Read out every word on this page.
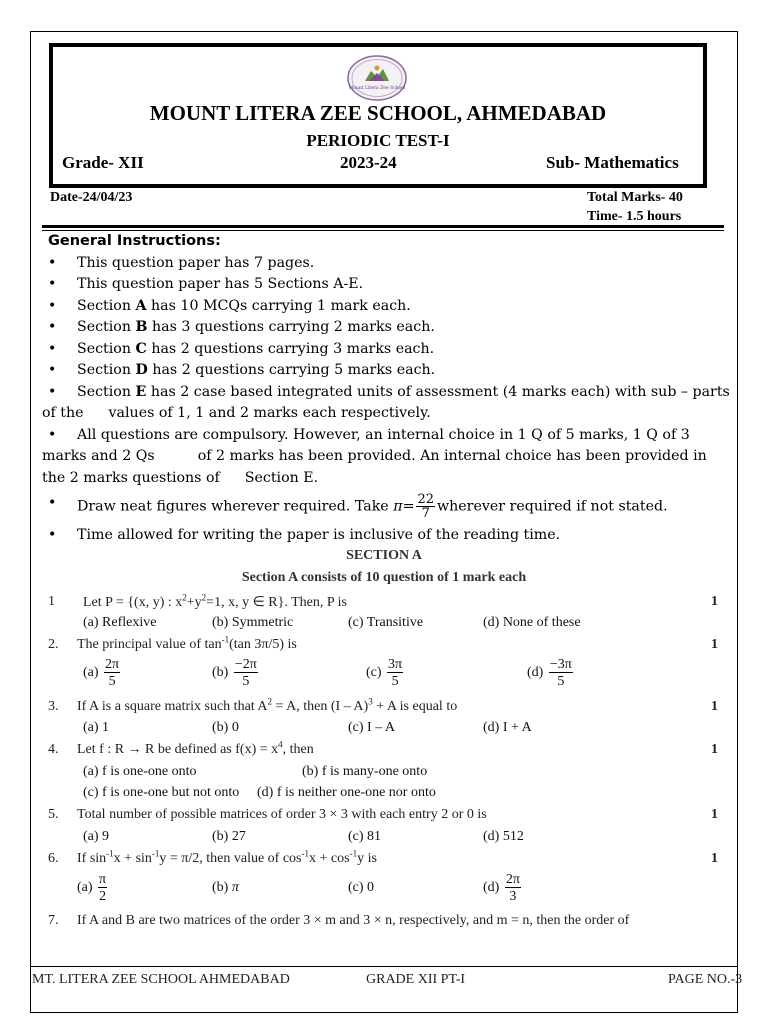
Mount Litera Zee School
MOUNT LITERA ZEE SCHOOL, AHMEDABAD
PERIODIC TEST-I
Grade- XII	2023-24	Sub- Mathematics
Date-24/04/23	Total Marks- 40
Time- 1.5 hours
General Instructions:
• This question paper has 7 pages.
• This question paper has 5 Sections A-E.
• Section A has 10 MCQs carrying 1 mark each.
• Section B has 3 questions carrying 2 marks each.
• Section C has 2 questions carrying 3 marks each.
• Section D has 2 questions carrying 5 marks each.
• Section E has 2 case based integrated units of assessment (4 marks each) with sub – parts of the values of 1, 1 and 2 marks each respectively.
• All questions are compulsory. However, an internal choice in 1 Q of 5 marks, 1 Q of 3 marks and 2 Qs	of 2 marks has been provided. An internal choice has been provided in the 2 marks questions of Section E.
• Draw neat figures wherever required. Take $\pi= \frac{22}{7}$ wherever required if not stated.
• Time allowed for writing the paper is inclusive of the reading time.
SECTION A
Section A consists of 10 question of 1 mark each
1 Let P = {(x, y) : $x^2+y^2=1$, x, y ∈ R}. Then, P is	1
(a) Reflexive	(b) Symmetric	(c) Transitive	(d) None of these
2. The principal value of $\tan^{-1}(\tan$ 3π/5) is	1
$(a) \frac{2\pi}{5}$	$(b) \frac{-2\pi}{5}$	$(c) \frac{3\pi}{5}$	$(d) \frac{-3\pi}{5}$
3. If A is a square matrix such that $A^2 = A$, then (I – A)$^3$ + A is equal to	1
(a) 1	(b) 0	(c) I – A	(d) I + A
4. Let f : R → R be defined as $f(x) = x^4$, then	1
(a) f is one-one onto	(b) f is many-one onto
(c) f is one-one but not onto (d) f is neither one-one nor onto
5. Total number of possible matrices of order 3 × 3 with each entry 2 or 0 is	1
(a) 9	(b) 27	(c) 81	(d) 512
6. If $\sin^{-1}x + \sin^{-1}y = \pi/2$, then value of $\cos^{-1}x + \cos^{-1}y$ is	1
$(a) \frac{\pi}{2}$	(b) π	(c) 0	$(d) \frac{2\pi}{3}$
7. If A and B are two matrices of the order 3 × m and 3 × n, respectively, and m = n, then the order of
MT. LITERA ZEE SCHOOL AHMEDABAD	GRADE XII PT-I	PAGE NO.-3
